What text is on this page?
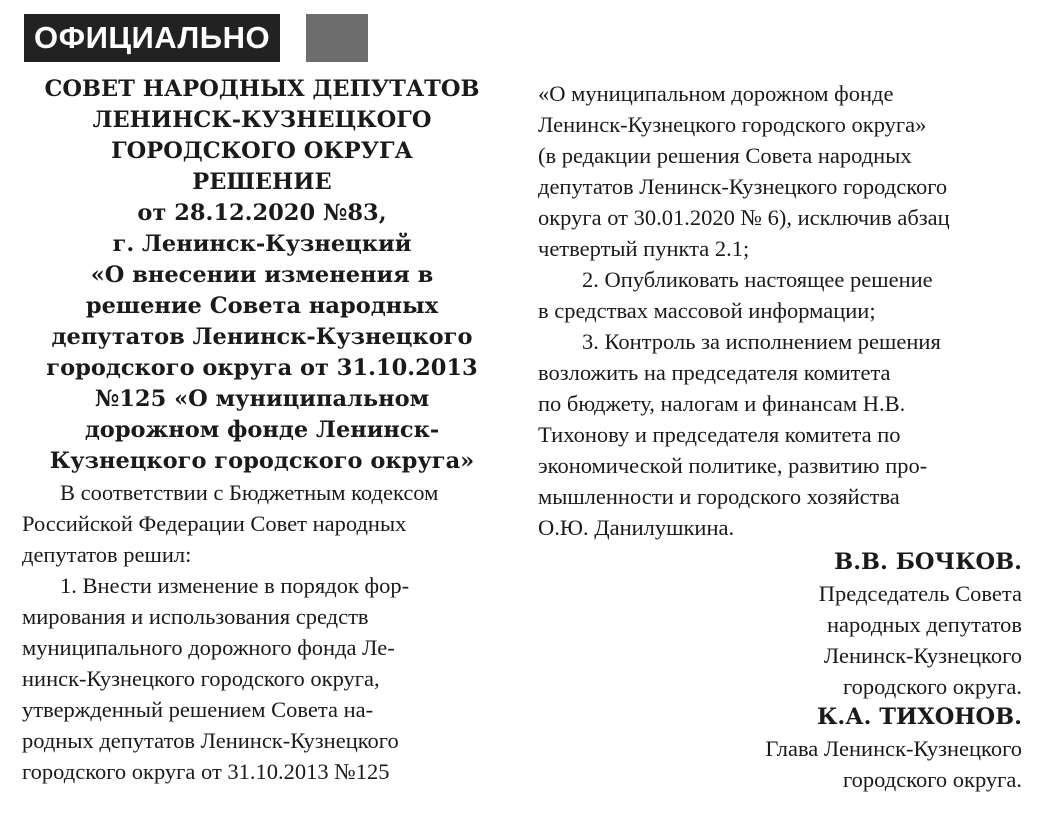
ОФИЦИАЛЬНО
СОВЕТ НАРОДНЫХ ДЕПУТАТОВ
ЛЕНИНСК-КУЗНЕЦКОГО
ГОРОДСКОГО ОКРУГА
РЕШЕНИЕ
от 28.12.2020 №83,
г. Ленинск-Кузнецкий
«О внесении изменения в
решение Совета народных
депутатов Ленинск-Кузнецкого
городского округа от 31.10.2013
№125 «О муниципальном
дорожном фонде Ленинск-
Кузнецкого городского округа»
В соответствии с Бюджетным кодексом
Российской Федерации Совет народных
депутатов решил:
1. Внести изменение в порядок фор-
мирования и использования средств
муниципального дорожного фонда Ле-
нинск-Кузнецкого городского округа,
утвержденный решением Совета на-
родных депутатов Ленинск-Кузнецкого
городского округа от 31.10.2013 №125
«О муниципальном дорожном фонде
Ленинск-Кузнецкого городского округа»
(в редакции решения Совета народных
депутатов Ленинск-Кузнецкого городского
округа от 30.01.2020 № 6), исключив абзац
четвертый пункта 2.1;
2. Опубликовать настоящее решение
в средствах массовой информации;
3. Контроль за исполнением решения
возложить на председателя комитета
по бюджету, налогам и финансам Н.В.
Тихонову и председателя комитета по
экономической политике, развитию про-
мышленности и городского хозяйства
О.Ю. Данилушкина.
В.В. БОЧКОВ.
Председатель Совета
народных депутатов
Ленинск-Кузнецкого
городского округа.
К.А. ТИХОНОВ.
Глава Ленинск-Кузнецкого
городского округа.
